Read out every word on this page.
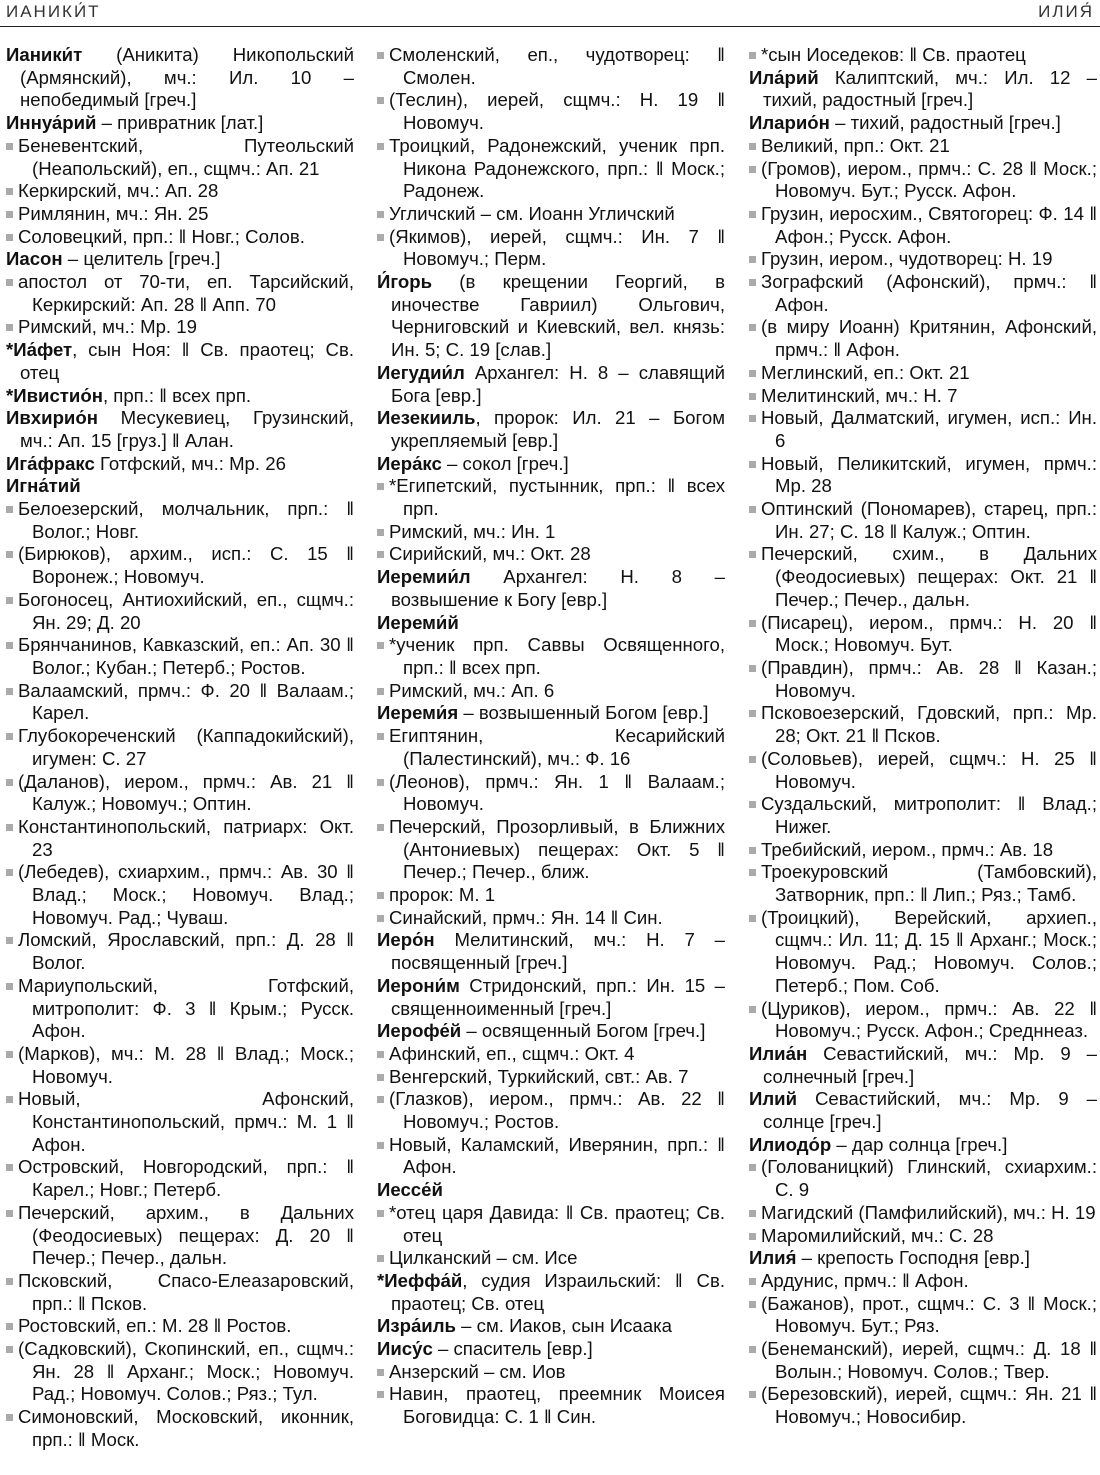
ИАНИКИ́Т	ИЛИЯ́

Ианики́т (Аникита) Никопольский (Армянский), мч.: Ил. 10 – непобедимый [греч.]

Иннуа́рий – привратник [лат.]

Беневентский, Путеольский (Неапольский), еп., сщмч.: Ап. 21

Керкирский, мч.: Ап. 28

Римлянин, мч.: Ян. 25

Соловецкий, прп.: ‖ Новг.; Солов.

Иасон – целитель [греч.]

апостол от 70-ти, еп. Тарсийский, Керкирский: Ап. 28 ‖ Апп. 70

Римский, мч.: Мр. 19

*Иа́фет, сын Ноя: ‖ Св. праотец; Св. отец

*Ивистио́н, прп.: ‖ всех прп.

Ивхирио́н Месукевиец, Грузинский, мч.: Ап. 15 [груз.] ‖ Алан.

Ига́фракс Готфский, мч.: Мр. 26

Игна́тий

Белоезерский, молчальник, прп.: ‖ Волог.; Новг.

(Бирюков), архим., исп.: С. 15 ‖ Воронеж.; Новомуч.

Богоносец, Антиохийский, еп., сщмч.: Ян. 29; Д. 20

Брянчанинов, Кавказский, еп.: Ап. 30 ‖ Волог.; Кубан.; Петерб.; Ростов.

Валаамский, прмч.: Ф. 20 ‖ Валаам.; Карел.

Глубокореченский (Каппадокийский), игумен: С. 27

(Даланов), иером., прмч.: Ав. 21 ‖ Калуж.; Новомуч.; Оптин.

Константинопольский, патриарх: Окт. 23

(Лебедев), схиархим., прмч.: Ав. 30 ‖ Влад.; Моск.; Новомуч. Влад.; Новомуч. Рад.; Чуваш.

Ломский, Ярославский, прп.: Д. 28 ‖ Волог.

Мариупольский, Готфский, митрополит: Ф. 3 ‖ Крым.; Русск. Афон.

(Марков), мч.: М. 28 ‖ Влад.; Моск.; Новомуч.

Новый, Афонский, Константинопольский, прмч.: М. 1 ‖ Афон.

Островский, Новгородский, прп.: ‖ Карел.; Новг.; Петерб.

Печерский, архим., в Дальних (Феодосиевых) пещерах: Д. 20 ‖ Печер.; Печер., дальн.

Псковский, Спасо-Елеазаровский, прп.: ‖ Псков.

Ростовский, еп.: М. 28 ‖ Ростов.

(Садковский), Скопинский, еп., сщмч.: Ян. 28 ‖ Арханг.; Моск.; Новомуч. Рад.; Новомуч. Солов.; Ряз.; Тул.

Симоновский, Московский, иконник, прп.: ‖ Моск.

Смоленский, еп., чудотворец: ‖ Смолен.

(Теслин), иерей, сщмч.: Н. 19 ‖ Новомуч.

Троицкий, Радонежский, ученик прп. Никона Радонежского, прп.: ‖ Моск.; Радонеж.

Угличский – см. Иоанн Угличский

(Якимов), иерей, сщмч.: Ин. 7 ‖ Новомуч.; Перм.

И́горь (в крещении Георгий, в иночестве Гавриил) Ольгович, Черниговский и Киевский, вел. князь: Ин. 5; С. 19 [слав.]

Иегудии́л Архангел: Н. 8 – славящий Бога [евр.]

Иезекииль, пророк: Ил. 21 – Богом укрепляемый [евр.]

Иера́кс – сокол [греч.]

*Египетский, пустынник, прп.: ‖ всех прп.

Римский, мч.: Ин. 1

Сирийский, мч.: Окт. 28

Иеремии́л Архангел: Н. 8 – возвышение к Богу [евр.]

Иереми́й

*ученик прп. Саввы Освященного, прп.: ‖ всех прп.

Римский, мч.: Ап. 6

Иереми́я – возвышенный Богом [евр.]

Египтянин, Кесарийский (Палестинский), мч.: Ф. 16

(Леонов), прмч.: Ян. 1 ‖ Валаам.; Новомуч.

Печерский, Прозорливый, в Ближних (Антониевых) пещерах: Окт. 5 ‖ Печер.; Печер., ближ.

пророк: М. 1

Синайский, прмч.: Ян. 14 ‖ Син.

Иеро́н Мелитинский, мч.: Н. 7 – посвященный [греч.]

Иерони́м Стридонский, прп.: Ин. 15 – священноименный [греч.]

Иерофе́й – освященный Богом [греч.]

Афинский, еп., сщмч.: Окт. 4

Венгерский, Туркийский, свт.: Ав. 7

(Глазков), иером., прмч.: Ав. 22 ‖ Новомуч.; Ростов.

Новый, Каламский, Иверянин, прп.: ‖ Афон.

Иессе́й

*отец царя Давида: ‖ Св. праотец; Св. отец

Цилканский – см. Исе

*Иеффа́й, судия Израильский: ‖ Св. праотец; Св. отец

Изра́иль – см. Иаков, сын Исаака

Иису́с – спаситель [евр.]

Анзерский – см. Иов

Навин, праотец, преемник Моисея Боговидца: С. 1 ‖ Син.

*сын Иоседеков: ‖ Св. праотец

Ила́рий Калиптский, мч.: Ил. 12 – тихий, радостный [греч.]

Иларио́н – тихий, радостный [греч.]

Великий, прп.: Окт. 21

(Громов), иером., прмч.: С. 28 ‖ Моск.; Новомуч. Бут.; Русск. Афон.

Грузин, иеросхим., Святогорец: Ф. 14 ‖ Афон.; Русск. Афон.

Грузин, иером., чудотворец: Н. 19

Зографский (Афонский), прмч.: ‖ Афон.

(в миру Иоанн) Критянин, Афонский, прмч.: ‖ Афон.

Меглинский, еп.: Окт. 21

Мелитинский, мч.: Н. 7

Новый, Далматский, игумен, исп.: Ин. 6

Новый, Пеликитский, игумен, прмч.: Мр. 28

Оптинский (Пономарев), старец, прп.: Ин. 27; С. 18 ‖ Калуж.; Оптин.

Печерский, схим., в Дальних (Феодосиевых) пещерах: Окт. 21 ‖ Печер.; Печер., дальн.

(Писарец), иером., прмч.: Н. 20 ‖ Моск.; Новомуч. Бут.

(Правдин), прмч.: Ав. 28 ‖ Казан.; Новомуч.

Псковоезерский, Гдовский, прп.: Мр. 28; Окт. 21 ‖ Псков.

(Соловьев), иерей, сщмч.: Н. 25 ‖ Новомуч.

Суздальский, митрополит: ‖ Влад.; Нижег.

Требийский, иером., прмч.: Ав. 18

Троекуровский (Тамбовский), Затворник, прп.: ‖ Лип.; Ряз.; Тамб.

(Троицкий), Верейский, архиеп., сщмч.: Ил. 11; Д. 15 ‖ Арханг.; Моск.; Новомуч. Рад.; Новомуч. Солов.; Петерб.; Пом. Соб.

(Цуриков), иером., прмч.: Ав. 22 ‖ Новомуч.; Русск. Афон.; Средннеаз.

Илиа́н Севастийский, мч.: Мр. 9 – солнечный [греч.]

Илий Севастийский, мч.: Мр. 9 – солнце [греч.]

Илиодо́р – дар солнца [греч.]

(Голованицкий) Глинский, схиархим.: С. 9

Магидский (Памфилийский), мч.: Н. 19

Маромилийский, мч.: С. 28

Илия́ – крепость Господня [евр.]

Ардунис, прмч.: ‖ Афон.

(Бажанов), прот., сщмч.: С. 3 ‖ Моск.; Новомуч. Бут.; Ряз.

(Бенеманский), иерей, сщмч.: Д. 18 ‖ Волын.; Новомуч. Солов.; Твер.

(Березовский), иерей, сщмч.: Ян. 21 ‖ Новомуч.; Новосибир.
